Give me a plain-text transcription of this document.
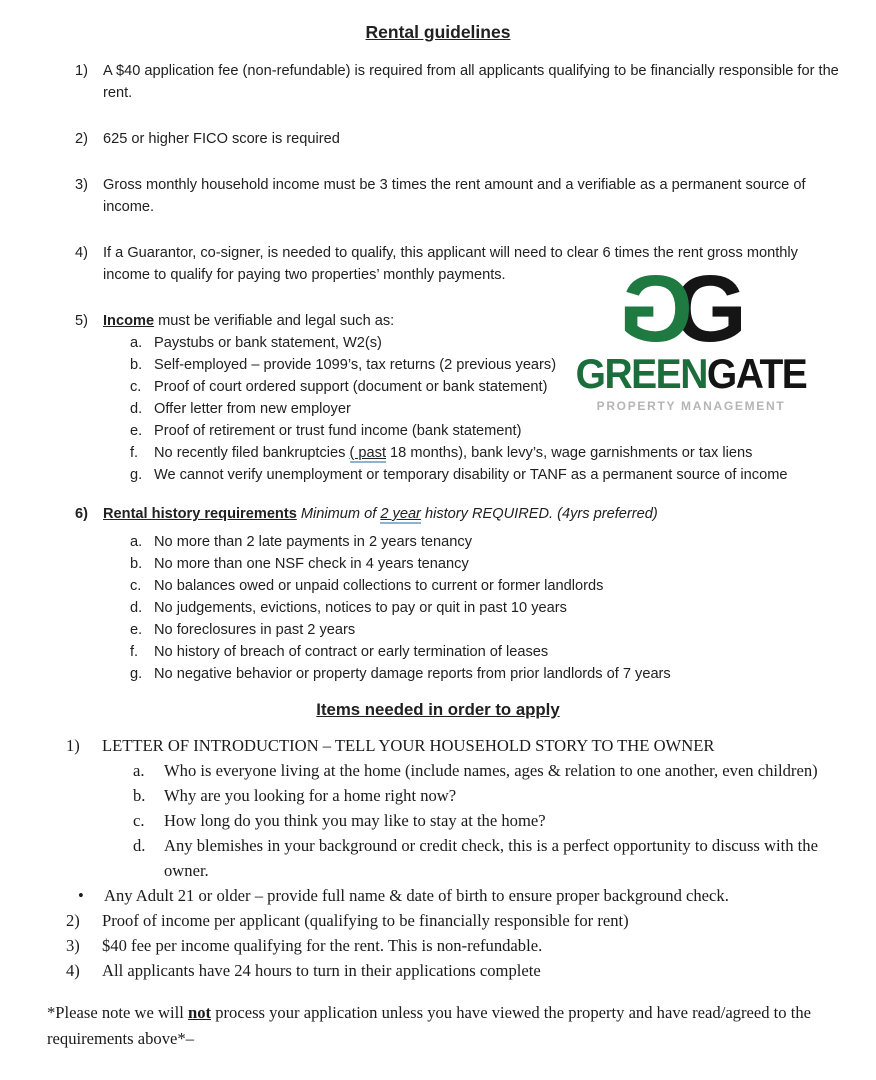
G
G
GREENGATE
PROPERTY MANAGEMENT
Rental guidelines
1)	A $40 application fee (non-refundable) is required from all applicants qualifying to be financially responsible for the rent.
2)	625 or higher FICO score is required
3)	Gross monthly household income must be 3 times the rent amount and a verifiable as a permanent source of income.
4)	If a Guarantor, co-signer, is needed to qualify, this applicant will need to clear 6 times the rent gross monthly income to qualify for paying two properties’ monthly payments.
5)	Income must be verifiable and legal such as:
a. Paystubs or bank statement, W2(s)
b. Self-employed – provide 1099’s, tax returns (2 previous years)
c. Proof of court ordered support (document or bank statement)
d. Offer letter from new employer
e. Proof of retirement or trust fund income (bank statement)
f.	No recently filed bankruptcies ( past 18 months), bank levy’s, wage garnishments or tax liens
g. We cannot verify unemployment or temporary disability or TANF as a permanent source of income
6)	Rental history requirements Minimum of 2 year history REQUIRED. (4yrs preferred)
a. No more than 2 late payments in 2 years tenancy
b. No more than one NSF check in 4 years tenancy
c. No balances owed or unpaid collections to current or former landlords
d. No judgements, evictions, notices to pay or quit in past 10 years
e. No foreclosures in past 2 years
f.	No history of breach of contract or early termination of leases
g. No negative behavior or property damage reports from prior landlords of 7 years
Items needed in order to apply
1)	LETTER OF INTRODUCTION – TELL YOUR HOUSEHOLD STORY TO THE OWNER
a.	Who is everyone living at the home (include names, ages & relation to one another, even children)
b.	Why are you looking for a home right now?
c.	How long do you think you may like to stay at the home?
d.	Any blemishes in your background or credit check, this is a perfect opportunity to discuss with the owner.
•	Any Adult 21 or older – provide full name & date of birth to ensure proper background check.
2)	Proof of income per applicant (qualifying to be financially responsible for rent)
3)	$40 fee per income qualifying for the rent. This is non-refundable.
4)	All applicants have 24 hours to turn in their applications complete
*Please note we will not process your application unless you have viewed the property and have read/agreed to the requirements above*–
